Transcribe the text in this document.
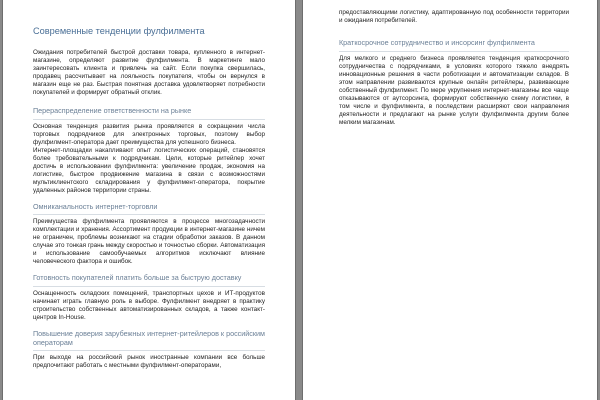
Современные тенденции фулфилмента

Ожидания потребителей быстрой доставки товара, купленного в интернет-магазине, определяют развитие фулфилмента. В маркетинге мало заинтересовать клиента и привлечь на сайт. Если покупка свершилась, продавец рассчитывает на лояльность покупателя, чтобы он вернулся в магазин еще не раз. Быстрая понятная доставка удовлетворяет потребности покупателей и формирует обратный отклик.

Перераспределение ответственности на рынке

Основная тенденция развития рынка проявляется в сокращении числа торговых подрядчиков для электронных торговых, поэтому выбор фулфилмент-оператора дает преимущества для успешного бизнеса.

Интернет-площадки накапливают опыт логистических операций, становятся более требовательными к подрядчикам. Цели, которые ритейлер хочет достичь в использовании фулфилмента: увеличение продаж, экономия на логистике, быстрое продвижение магазина в связи с возможностями мультиклиентского складирования у фулфилмент-оператора, покрытие удаленных районов территории страны.

Омниканальность интернет-торговли

Преимущества фулфилмента проявляются в процессе многозадачности комплектации и хранения. Ассортимент продукции в интернет-магазине ничем не ограничен, проблемы возникают на стадии обработки заказов. В данном случае это тонкая грань между скоростью и точностью сборки. Автоматизация и использование самообучаемых алгоритмов исключают влияние человеческого фактора и ошибок.

Готовность покупателей платить больше за быструю доставку

Оснащенность складских помещений, транспортных цехов и ИТ-продуктов начинает играть главную роль в выборе. Фулфилмент внедряет в практику строительство собственных автоматизированных складов, а также контакт-центров In-House.

Повышение доверия зарубежных интернет-ритейлеров к российским операторам

При выходе на российский рынок иностранные компании все больше предпочитают работать с местными фулфилмент-операторами,

предоставляющими логистику, адаптированную под особенности территории и ожидания потребителей.

Краткосрочное сотрудничество и инсорсинг фулфилмента

Для мелкого и среднего бизнеса проявляется тенденция краткосрочного сотрудничества с подрядчиками, в условиях которого тяжело внедрять инновационные решения в части роботизации и автоматизации складов. В этом направлении развиваются крупные онлайн ритейлеры, развивающие собственный фулфилмент. По мере укрупнения интернет-магазины все чаще отказываются от аутсорсинга, формируют собственную схему логистики, в том числе и фулфилмента, в последствии расширяют свои направления деятельности и предлагают на рынке услуги фулфилмента другим более мелким магазинам.
